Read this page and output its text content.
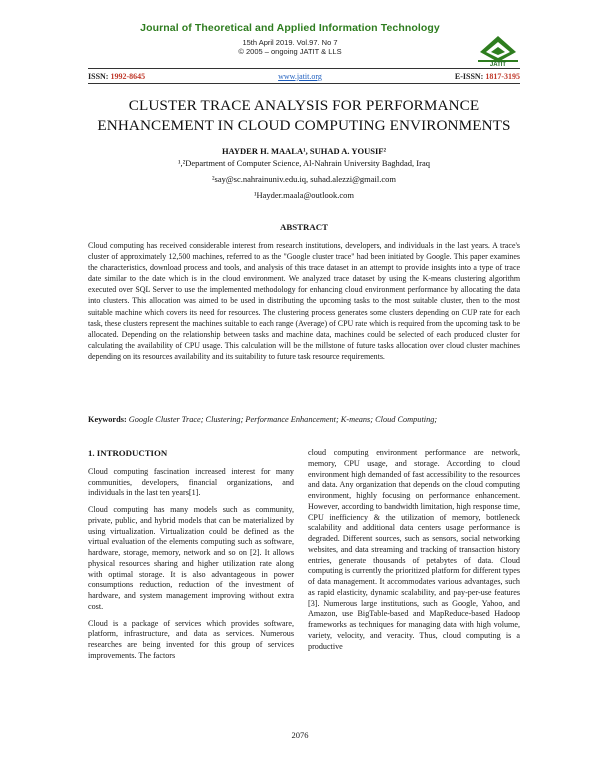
Journal of Theoretical and Applied Information Technology
15th April 2019. Vol.97. No 7
© 2005 – ongoing JATIT & LLS
JATIT
ISSN: 1992-8645	www.jatit.org	E-ISSN: 1817-3195
CLUSTER TRACE ANALYSIS FOR PERFORMANCE
ENHANCEMENT IN CLOUD COMPUTING ENVIRONMENTS
HAYDER H. MAALA¹, SUHAD A. YOUSIF²
¹,²Department of Computer Science, Al-Nahrain University Baghdad, Iraq
²say@sc.nahrainuniv.edu.iq, suhad.alezzi@gmail.com
¹Hayder.maala@outlook.com
ABSTRACT

Cloud computing has received considerable interest from research institutions, developers, and individuals in the last years. A trace's cluster of approximately 12,500 machines, referred to as the "Google cluster trace" had been initiated by Google. This paper examines the characteristics, download process and tools, and analysis of this trace dataset in an attempt to provide insights into a type of trace date similar to the date which is in the cloud environment. We analyzed trace dataset by using the K-means clustering algorithm executed over SQL Server to use the implemented methodology for enhancing cloud environment performance by allocating the data into clusters. This allocation was aimed to be used in distributing the upcoming tasks to the most suitable cluster, then to the most suitable machine which covers its need for resources. The clustering process generates some clusters depending on CUP rate for each task, these clusters represent the machines suitable to each range (Average) of CPU rate which is required from the upcoming task to be allocated. Depending on the relationship between tasks and machine data, machines could be selected of each produced cluster for calculating the availability of CPU usage. This calculation will be the millstone of future tasks allocation over cloud cluster machines depending on its resources availability and its suitability to future task resource requirements.

Keywords: Google Cluster Trace; Clustering; Performance Enhancement; K-means; Cloud Computing;
1. INTRODUCTION

Cloud computing fascination increased interest for many communities, developers, financial organizations, and individuals in the last ten years[1].

Cloud computing has many models such as community, private, public, and hybrid models that can be materialized by using virtualization. Virtualization could be defined as the virtual evaluation of the elements computing such as software, hardware, storage, memory, network and so on [2]. It allows physical resources sharing and higher utilization rate along with optimal storage. It is also advantageous in power consumptions reduction, reduction of the investment of hardware, and system management improving without extra cost.

Cloud is a package of services which provides software, platform, infrastructure, and data as services. Numerous researches are being invented for this group of services improvements. The factors

cloud computing environment performance are network, memory, CPU usage, and storage. According to cloud environment high demanded of fast accessibility to the resources and data. Any organization that depends on the cloud computing environment, highly focusing on performance enhancement. However, according to bandwidth limitation, high response time, CPU inefficiency & the utilization of memory, bottleneck scalability and additional data centers usage performance is degraded. Different sources, such as sensors, social networking websites, and data streaming and tracking of transaction history entries, generate thousands of petabytes of data. Cloud computing is currently the prioritized platform for different types of data management. It accommodates various advantages, such as rapid elasticity, dynamic scalability, and pay-per-use features [3]. Numerous large institutions, such as Google, Yahoo, and Amazon, use BigTable-based and MapReduce-based Hadoop frameworks as techniques for managing data with high volume, variety, velocity, and veracity. Thus, cloud computing is a productive

2076
